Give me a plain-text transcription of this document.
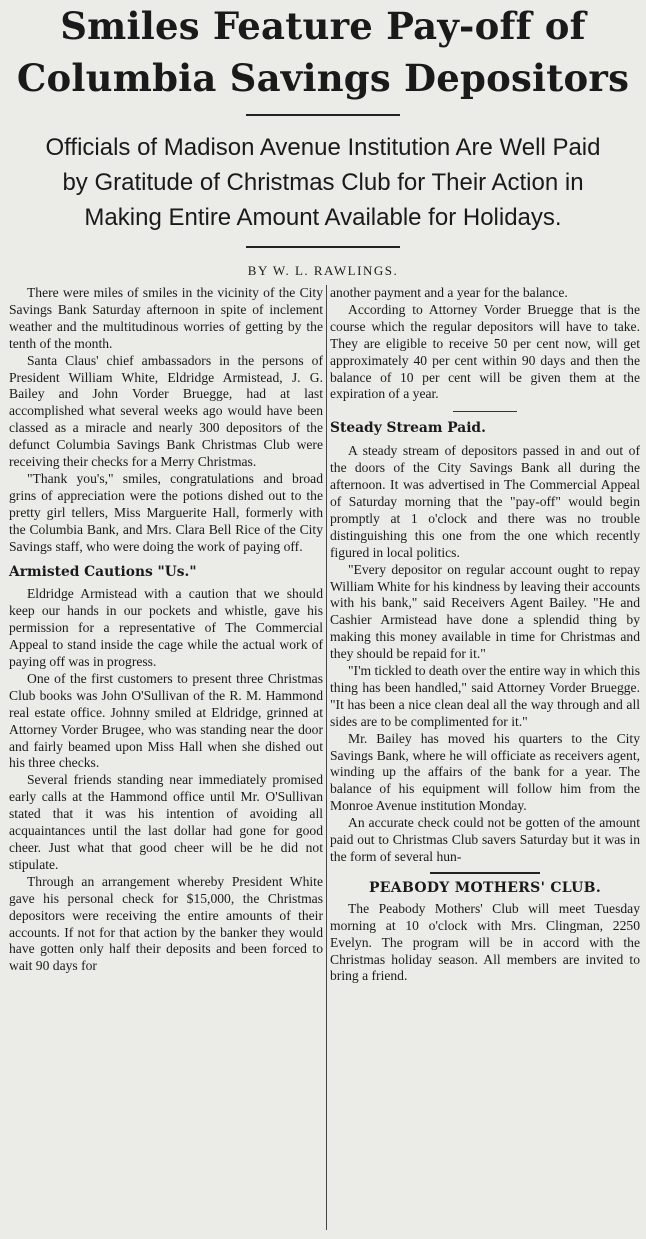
Smiles Feature Pay-off of
Columbia Savings Depositors
Officials of Madison Avenue Institution Are Well Paid
by Gratitude of Christmas Club for Their Action in
Making Entire Amount Available for Holidays.

BY W. L. RAWLINGS.

There were miles of smiles in the vicinity of the City Savings Bank Saturday afternoon in spite of inclement weather and the multitudinous worries of getting by the tenth of the month.

Santa Claus' chief ambassadors in the persons of President William White, Eldridge Armistead, J. G. Bailey and John Vorder Bruegge, had at last accomplished what several weeks ago would have been classed as a miracle and nearly 300 depositors of the defunct Columbia Savings Bank Christmas Club were receiving their checks for a Merry Christmas.

"Thank you's," smiles, congratulations and broad grins of appreciation were the potions dished out to the pretty girl tellers, Miss Marguerite Hall, formerly with the Columbia Bank, and Mrs. Clara Bell Rice of the City Savings staff, who were doing the work of paying off.

Armisted Cautions "Us."

Eldridge Armistead with a caution that we should keep our hands in our pockets and whistle, gave his permission for a representative of The Commercial Appeal to stand inside the cage while the actual work of paying off was in progress.

One of the first customers to present three Christmas Club books was John O'Sullivan of the R. M. Hammond real estate office. Johnny smiled at Eldridge, grinned at Attorney Vorder Brugee, who was standing near the door and fairly beamed upon Miss Hall when she dished out his three checks.

Several friends standing near immediately promised early calls at the Hammond office until Mr. O'Sullivan stated that it was his intention of avoiding all acquaintances until the last dollar had gone for good cheer. Just what that good cheer will be he did not stipulate.

Through an arrangement whereby President White gave his personal check for $15,000, the Christmas depositors were receiving the entire amounts of their accounts. If not for that action by the banker they would have gotten only half their deposits and been forced to wait 90 days for

another payment and a year for the balance.

According to Attorney Vorder Bruegge that is the course which the regular depositors will have to take. They are eligible to receive 50 per cent now, will get approximately 40 per cent within 90 days and then the balance of 10 per cent will be given them at the expiration of a year.

Steady Stream Paid.

A steady stream of depositors passed in and out of the doors of the City Savings Bank all during the afternoon. It was advertised in The Commercial Appeal of Saturday morning that the "pay-off" would begin promptly at 1 o'clock and there was no trouble distinguishing this one from the one which recently figured in local politics.

"Every depositor on regular account ought to repay William White for his kindness by leaving their accounts with his bank," said Receivers Agent Bailey. "He and Cashier Armistead have done a splendid thing by making this money available in time for Christmas and they should be repaid for it."

"I'm tickled to death over the entire way in which this thing has been handled," said Attorney Vorder Bruegge. "It has been a nice clean deal all the way through and all sides are to be complimented for it."

Mr. Bailey has moved his quarters to the City Savings Bank, where he will officiate as receivers agent, winding up the affairs of the bank for a year. The balance of his equipment will follow him from the Monroe Avenue institution Monday.

An accurate check could not be gotten of the amount paid out to Christmas Club savers Saturday but it was in the form of several hun-

PEABODY MOTHERS' CLUB.

The Peabody Mothers' Club will meet Tuesday morning at 10 o'clock with Mrs. Clingman, 2250 Evelyn. The program will be in accord with the Christmas holiday season. All members are invited to bring a friend.
